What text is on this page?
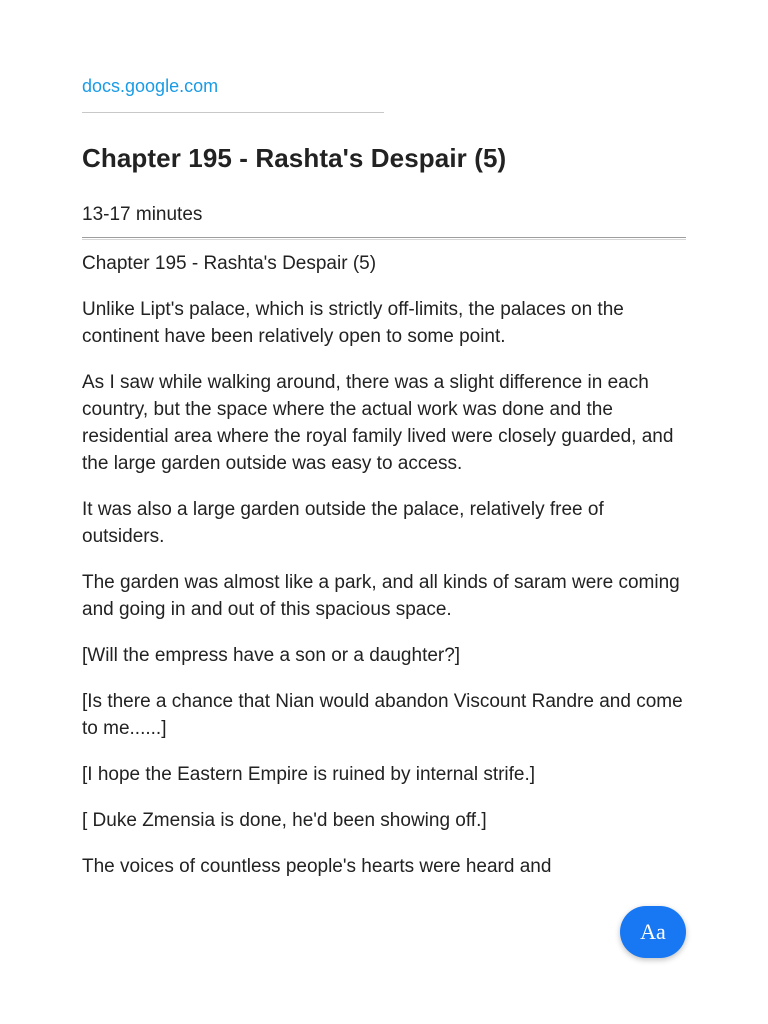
docs.google.com
Chapter 195 - Rashta's Despair (5)
13-17 minutes

Chapter 195 - Rashta's Despair (5)

Unlike Lipt's palace, which is strictly off-limits, the palaces on the continent have been relatively open to some point.

As I saw while walking around, there was a slight difference in each country, but the space where the actual work was done and the residential area where the royal family lived were closely guarded, and the large garden outside was easy to access.

It was also a large garden outside the palace, relatively free of outsiders.

The garden was almost like a park, and all kinds of saram were coming and going in and out of this spacious space.

[Will the empress have a son or a daughter?]

[Is there a chance that Nian would abandon Viscount Randre and come to me......]

[I hope the Eastern Empire is ruined by internal strife.]

[ Duke Zmensia is done, he'd been showing off.]

The voices of countless people's hearts were heard and

Aa
